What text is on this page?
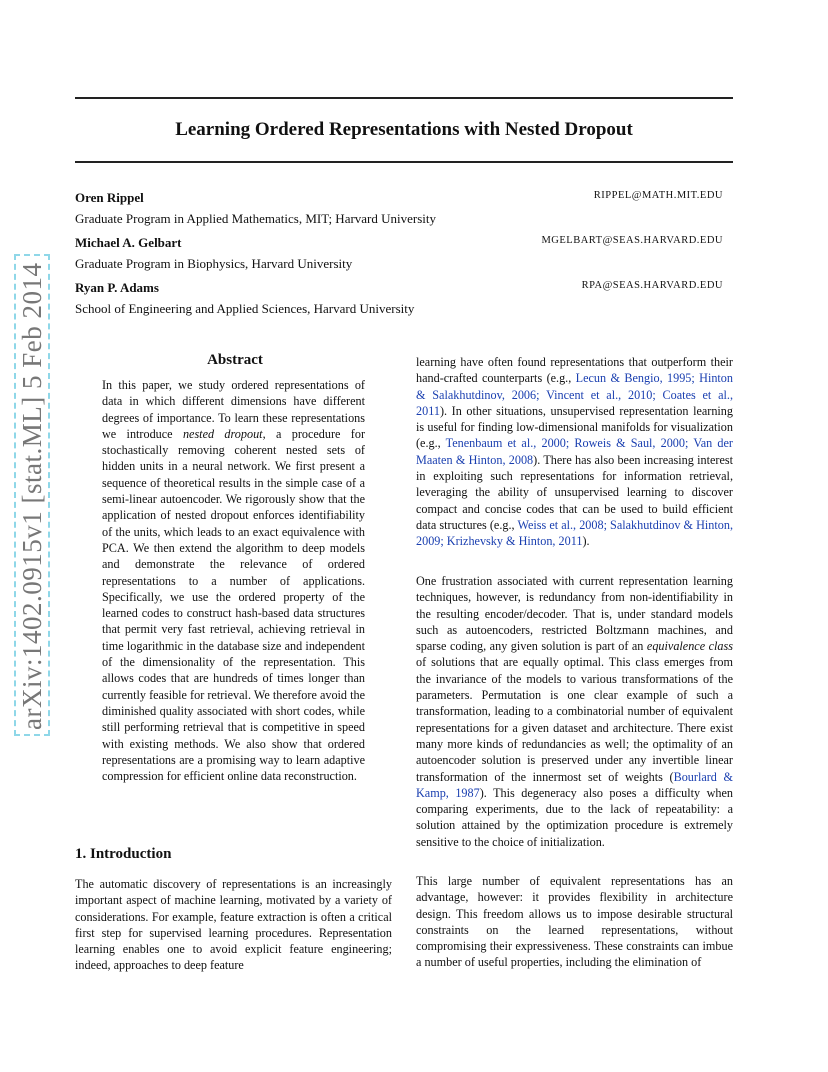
Learning Ordered Representations with Nested Dropout
Oren Rippel	RIPPEL@MATH.MIT.EDU
Graduate Program in Applied Mathematics, MIT; Harvard University
Michael A. Gelbart	MGELBART@SEAS.HARVARD.EDU
Graduate Program in Biophysics, Harvard University
Ryan P. Adams	RPA@SEAS.HARVARD.EDU
School of Engineering and Applied Sciences, Harvard University
arXiv:1402.0915v1 [stat.ML] 5 Feb 2014	Abstract

In this paper, we study ordered representations of data in which different dimensions have different degrees of importance. To learn these representations we introduce nested dropout, a procedure for stochastically removing coherent nested sets of hidden units in a neural network. We first present a sequence of theoretical results in the simple case of a semi-linear autoencoder. We rigorously show that the application of nested dropout enforces identifiability of the units, which leads to an exact equivalence with PCA. We then extend the algorithm to deep models and demonstrate the relevance of ordered representations to a number of applications. Specifically, we use the ordered property of the learned codes to construct hash-based data structures that permit very fast retrieval, achieving retrieval in time logarithmic in the database size and independent of the dimensionality of the representation. This allows codes that are hundreds of times longer than currently feasible for retrieval. We therefore avoid the diminished quality associated with short codes, while still performing retrieval that is competitive in speed with existing methods. We also show that ordered representations are a promising way to learn adaptive compression for efficient online data reconstruction.

1. Introduction

The automatic discovery of representations is an increasingly important aspect of machine learning, motivated by a variety of considerations. For example, feature extraction is often a critical first step for supervised learning procedures. Representation learning enables one to avoid explicit feature engineering; indeed, approaches to deep feature

learning have often found representations that outperform their hand-crafted counterparts (e.g., Lecun & Bengio, 1995; Hinton & Salakhutdinov, 2006; Vincent et al., 2010; Coates et al., 2011). In other situations, unsupervised representation learning is useful for finding low-dimensional manifolds for visualization (e.g., Tenenbaum et al., 2000; Roweis & Saul, 2000; Van der Maaten & Hinton, 2008). There has also been increasing interest in exploiting such representations for information retrieval, leveraging the ability of unsupervised learning to discover compact and concise codes that can be used to build efficient data structures (e.g., Weiss et al., 2008; Salakhutdinov & Hinton, 2009; Krizhevsky & Hinton, 2011).

One frustration associated with current representation learning techniques, however, is redundancy from non-identifiability in the resulting encoder/decoder. That is, under standard models such as autoencoders, restricted Boltzmann machines, and sparse coding, any given solution is part of an equivalence class of solutions that are equally optimal. This class emerges from the invariance of the models to various transformations of the parameters. Permutation is one clear example of such a transformation, leading to a combinatorial number of equivalent representations for a given dataset and architecture. There exist many more kinds of redundancies as well; the optimality of an autoencoder solution is preserved under any invertible linear transformation of the innermost set of weights (Bourlard & Kamp, 1987). This degeneracy also poses a difficulty when comparing experiments, due to the lack of repeatability: a solution attained by the optimization procedure is extremely sensitive to the choice of initialization.

This large number of equivalent representations has an advantage, however: it provides flexibility in architecture design. This freedom allows us to impose desirable structural constraints on the learned representations, without compromising their expressiveness. These constraints can imbue a number of useful properties, including the elimination of
